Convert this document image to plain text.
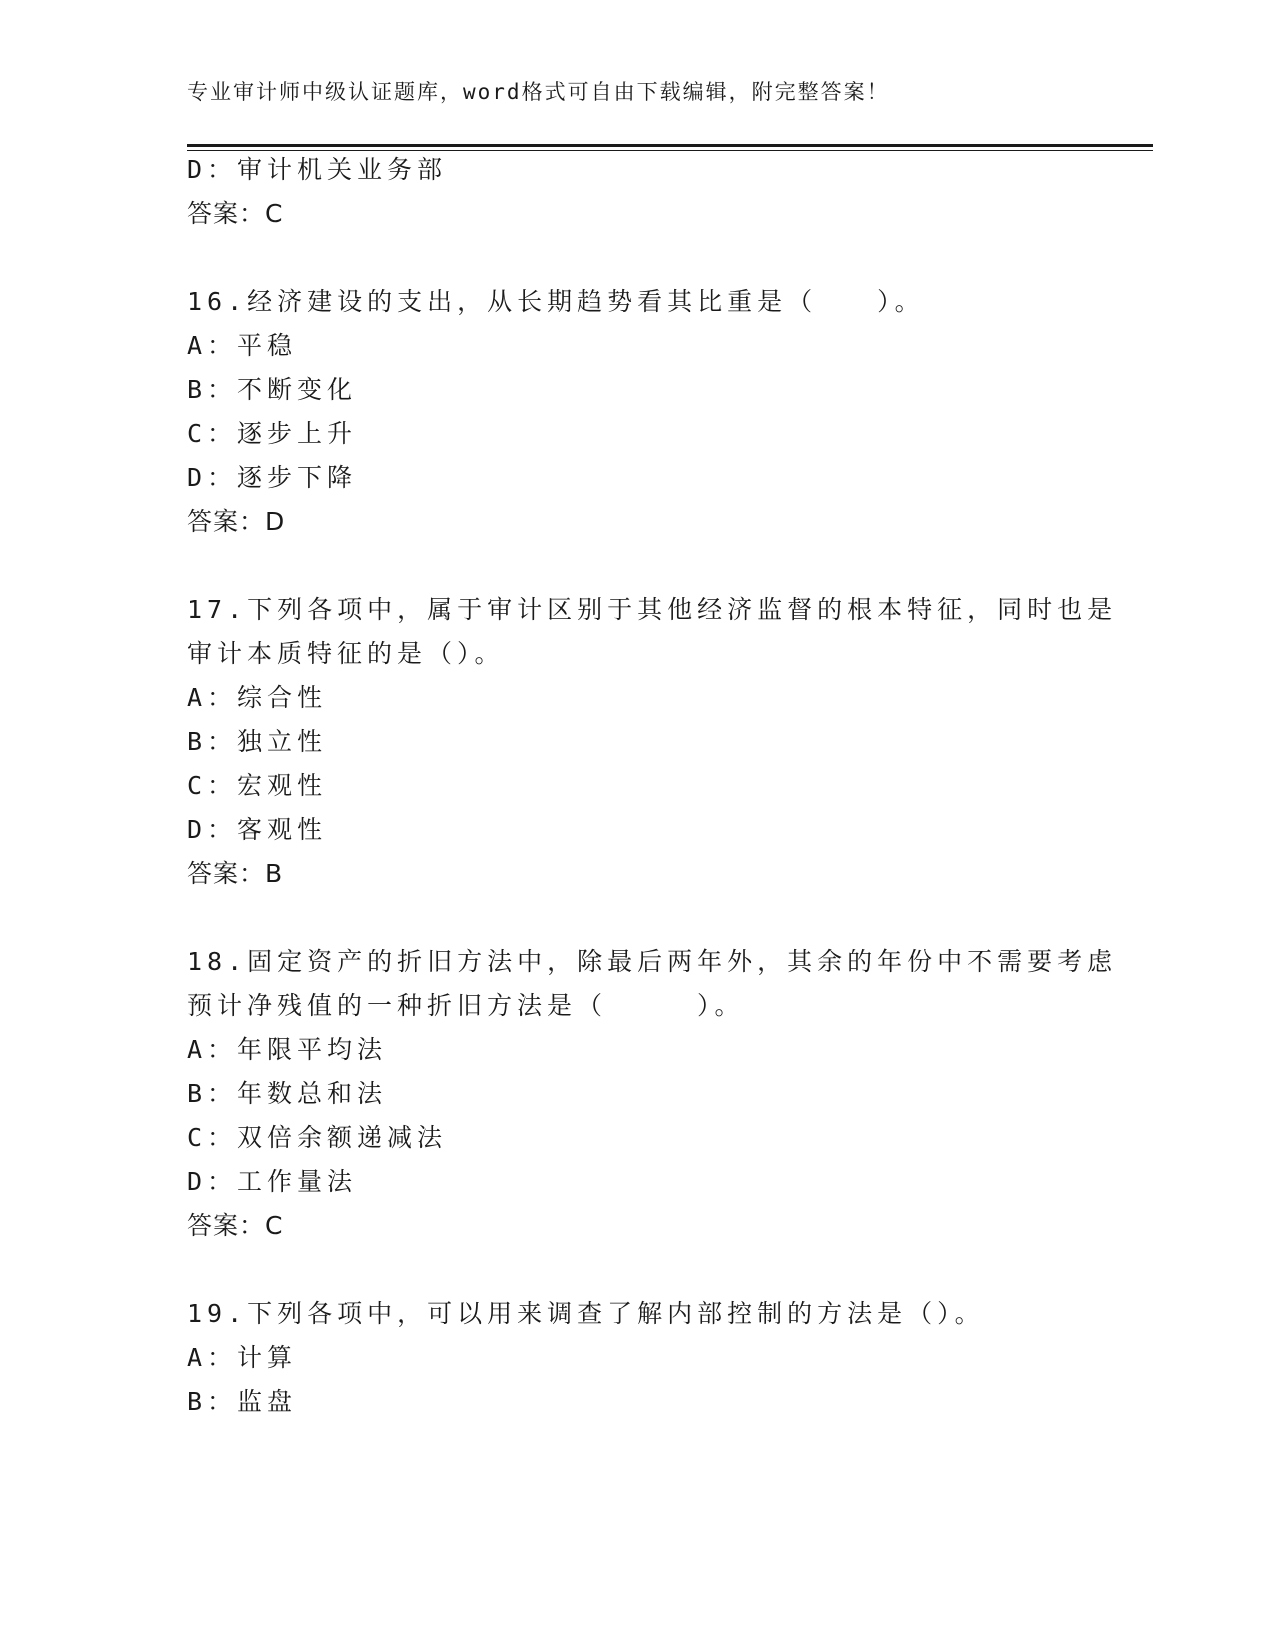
专业审计师中级认证题库，word格式可自由下载编辑，附完整答案！
D：审计机关业务部
答案：C
16.经济建设的支出，从长期趋势看其比重是（　　）。
A：平稳
B：不断变化
C：逐步上升
D：逐步下降
答案：D
17.下列各项中，属于审计区别于其他经济监督的根本特征，同时也是
审计本质特征的是（）。
A：综合性
B：独立性
C：宏观性
D：客观性
答案：B
18.固定资产的折旧方法中，除最后两年外，其余的年份中不需要考虑
预计净残值的一种折旧方法是（　　　）。
A：年限平均法
B：年数总和法
C：双倍余额递减法
D：工作量法
答案：C
19.下列各项中，可以用来调查了解内部控制的方法是（）。
A：计算
B：监盘
